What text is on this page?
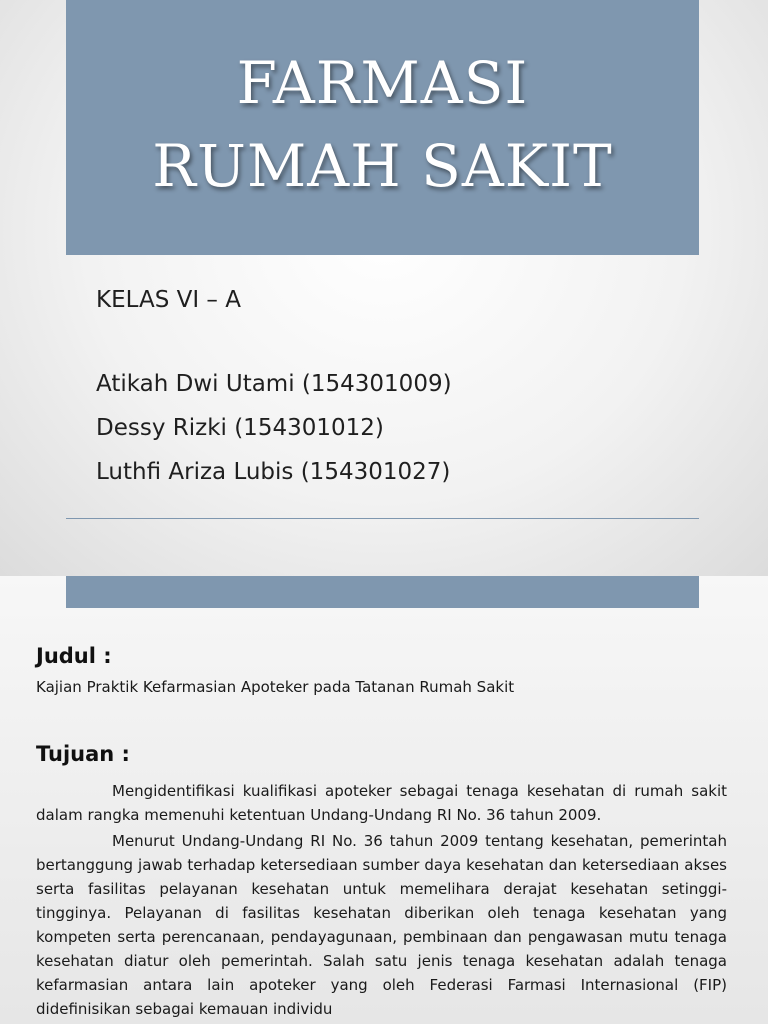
FARMASI
RUMAH SAKIT
KELAS VI – A
Atikah Dwi Utami (154301009)
Dessy Rizki (154301012)
Luthfi Ariza Lubis (154301027)
Judul :
Kajian Praktik Kefarmasian Apoteker pada Tatanan Rumah Sakit
Tujuan :

Mengidentifikasi kualifikasi apoteker sebagai tenaga kesehatan di rumah sakit dalam rangka memenuhi ketentuan Undang-Undang RI No. 36 tahun 2009.

Menurut Undang-Undang RI No. 36 tahun 2009 tentang kesehatan, pemerintah bertanggung jawab terhadap ketersediaan sumber daya kesehatan dan ketersediaan akses serta fasilitas pelayanan kesehatan untuk memelihara derajat kesehatan setinggi-tingginya. Pelayanan di fasilitas kesehatan diberikan oleh tenaga kesehatan yang kompeten serta perencanaan, pendayagunaan, pembinaan dan pengawasan mutu tenaga kesehatan diatur oleh pemerintah. Salah satu jenis tenaga kesehatan adalah tenaga kefarmasian antara lain apoteker yang oleh Federasi Farmasi Internasional (FIP) didefinisikan sebagai kemauan individu
